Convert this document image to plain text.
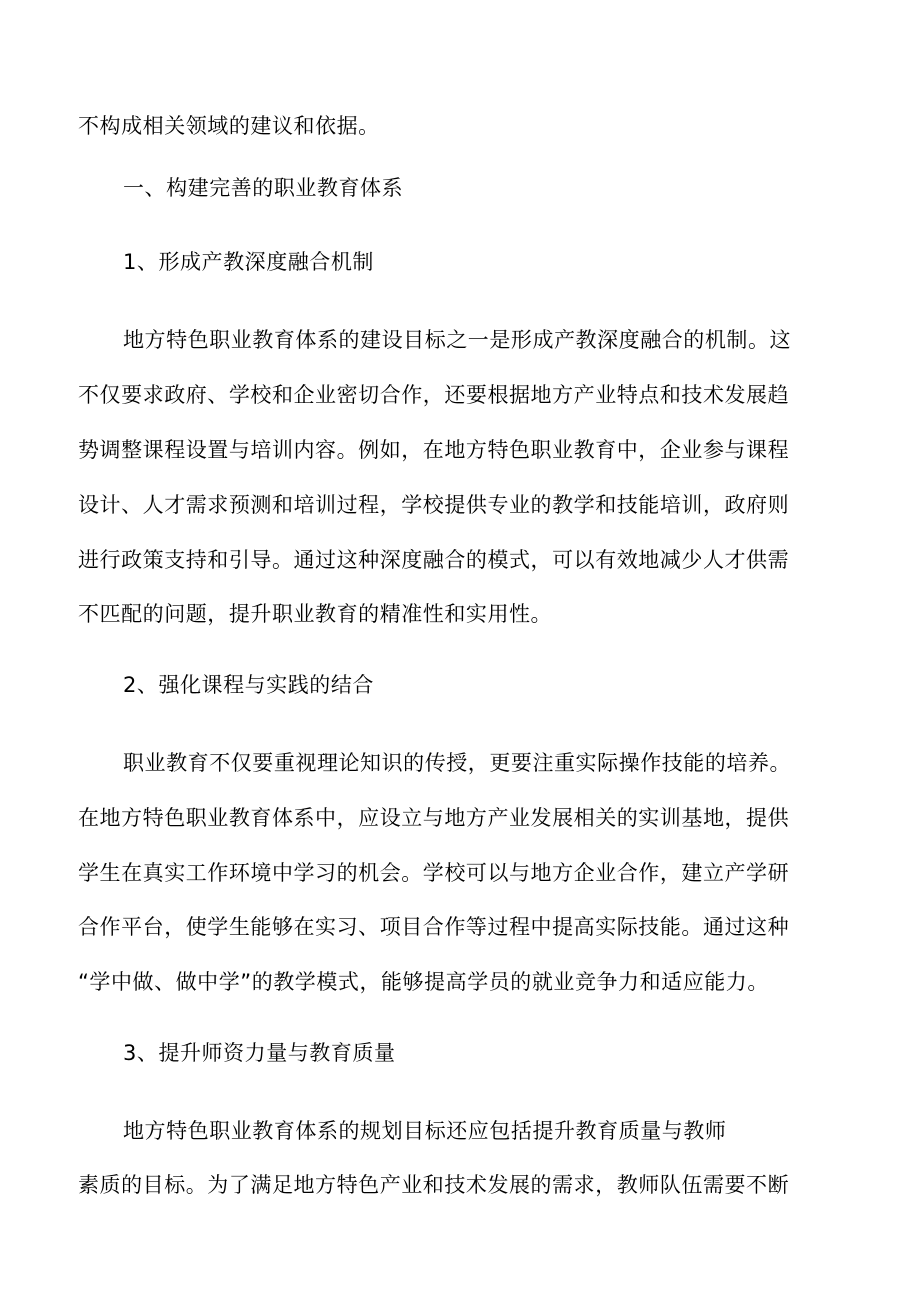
不构成相关领域的建议和依据。
一、构建完善的职业教育体系
1、形成产教深度融合机制
地方特色职业教育体系的建设目标之一是形成产教深度融合的机制。这
不仅要求政府、学校和企业密切合作，还要根据地方产业特点和技术发展趋
势调整课程设置与培训内容。例如，在地方特色职业教育中，企业参与课程
设计、人才需求预测和培训过程，学校提供专业的教学和技能培训，政府则
进行政策支持和引导。通过这种深度融合的模式，可以有效地减少人才供需
不匹配的问题，提升职业教育的精准性和实用性。
2、强化课程与实践的结合
职业教育不仅要重视理论知识的传授，更要注重实际操作技能的培养。
在地方特色职业教育体系中，应设立与地方产业发展相关的实训基地，提供
学生在真实工作环境中学习的机会。学校可以与地方企业合作，建立产学研
合作平台，使学生能够在实习、项目合作等过程中提高实际技能。通过这种
“学中做、做中学”的教学模式，能够提高学员的就业竞争力和适应能力。
3、提升师资力量与教育质量
地方特色职业教育体系的规划目标还应包括提升教育质量与教师
素质的目标。为了满足地方特色产业和技术发展的需求，教师队伍需要不断
